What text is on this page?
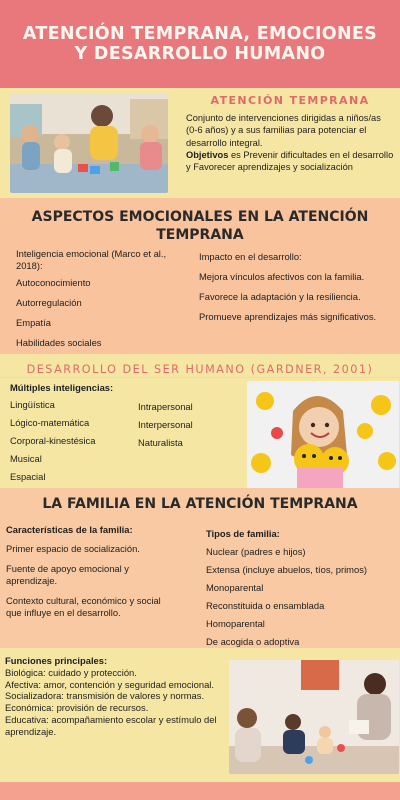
ATENCIÓN TEMPRANA, EMOCIONES Y DESARROLLO HUMANO
ATENCIÓN TEMPRANA
Conjunto de intervenciones dirigidas a niños/as (0-6 años) y a sus familias para potenciar el desarrollo integral.
Objetivos es Prevenir dificultades en el desarrollo y Favorecer aprendizajes y socialización
ASPECTOS EMOCIONALES EN LA ATENCIÓN TEMPRANA
Inteligencia emocional (Marco et al., 2018):
Autoconocimiento
Autorregulación
Empatía
Habilidades sociales
Impacto en el desarrollo:
Mejora vínculos afectivos con la familia.
Favorece la adaptación y la resiliencia.
Promueve aprendizajes más significativos.
DESARROLLO DEL SER HUMANO (GARDNER, 2001)
Múltiples inteligencias:
Lingüística
Lógico-matemática
Corporal-kinestésica
Musical
Espacial
Intrapersonal
Interpersonal
Naturalista
LA FAMILIA EN LA ATENCIÓN TEMPRANA
Características de la familia:
Primer espacio de socialización.
Fuente de apoyo emocional y aprendizaje.
Contexto cultural, económico y social que influye en el desarrollo.
Tipos de familia:
Nuclear (padres e hijos)
Extensa (incluye abuelos, tíos, primos)
Monoparental
Reconstituida o ensamblada
Homoparental
De acogida o adoptiva
Funciones principales:
Biológica: cuidado y protección.
Afectiva: amor, contención y seguridad emocional.
Socializadora: transmisión de valores y normas.
Económica: provisión de recursos.
Educativa: acompañamiento escolar y estímulo del aprendizaje.
